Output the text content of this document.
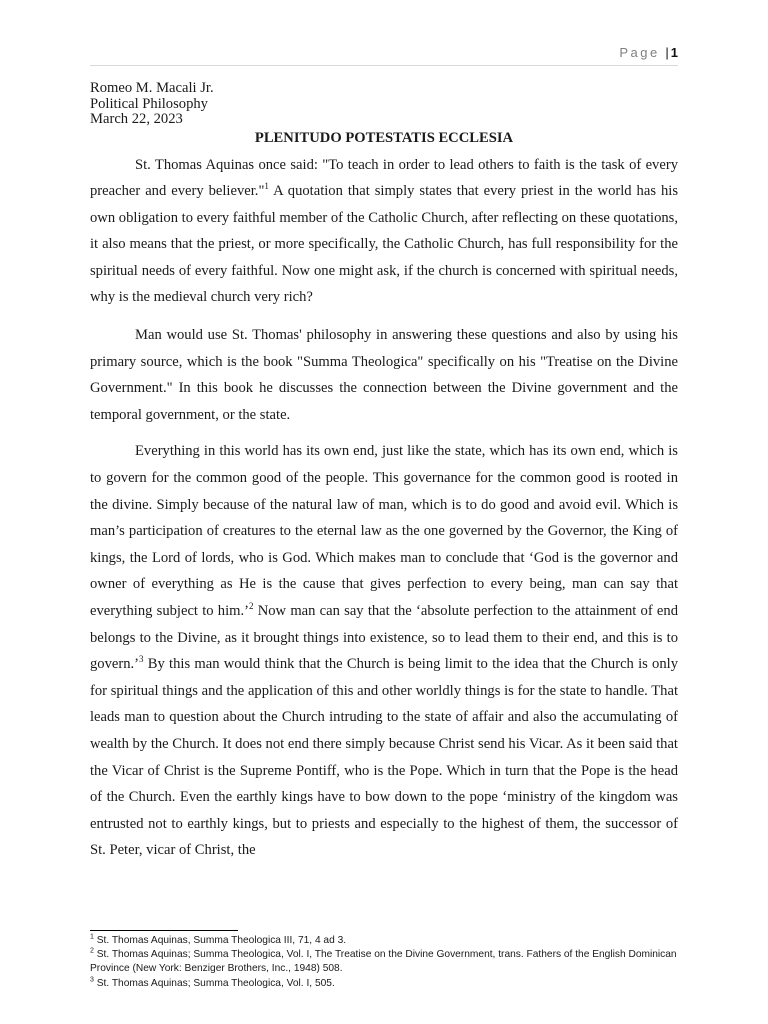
Page | 1
Romeo M. Macali Jr.
Political Philosophy
March 22, 2023
PLENITUDO POTESTATIS ECCLESIA

St. Thomas Aquinas once said: "To teach in order to lead others to faith is the task of every preacher and every believer."$^1$ A quotation that simply states that every priest in the world has his own obligation to every faithful member of the Catholic Church, after reflecting on these quotations, it also means that the priest, or more specifically, the Catholic Church, has full responsibility for the spiritual needs of every faithful. Now one might ask, if the church is concerned with spiritual needs, why is the medieval church very rich?

Man would use St. Thomas' philosophy in answering these questions and also by using his primary source, which is the book "Summa Theologica" specifically on his "Treatise on the Divine Government." In this book he discusses the connection between the Divine government and the temporal government, or the state.

Everything in this world has its own end, just like the state, which has its own end, which is to govern for the common good of the people. This governance for the common good is rooted in the divine. Simply because of the natural law of man, which is to do good and avoid evil. Which is man’s participation of creatures to the eternal law as the one governed by the Governor, the King of kings, the Lord of lords, who is God. Which makes man to conclude that ‘God is the governor and owner of everything as He is the cause that gives perfection to every being, man can say that everything subject to him.’$^2$ Now man can say that the ‘absolute perfection to the attainment of end belongs to the Divine, as it brought things into existence, so to lead them to their end, and this is to govern.’$^3$ By this man would think that the Church is being limit to the idea that the Church is only for spiritual things and the application of this and other worldly things is for the state to handle. That leads man to question about the Church intruding to the state of affair and also the accumulating of wealth by the Church. It does not end there simply because Christ send his Vicar. As it been said that the Vicar of Christ is the Supreme Pontiff, who is the Pope. Which in turn that the Pope is the head of the Church. Even the earthly kings have to bow down to the pope ‘ministry of the kingdom was entrusted not to earthly kings, but to priests and especially to the highest of them, the successor of St. Peter, vicar of Christ, the

$^1$ St. Thomas Aquinas, Summa Theologica III, 71, 4 ad 3.
$^2$ St. Thomas Aquinas; Summa Theologica, Vol. I, The Treatise on the Divine Government, trans. Fathers of the English Dominican Province (New York: Benziger Brothers, Inc., 1948) 508.
$^3$ St. Thomas Aquinas; Summa Theologica, Vol. I, 505.
